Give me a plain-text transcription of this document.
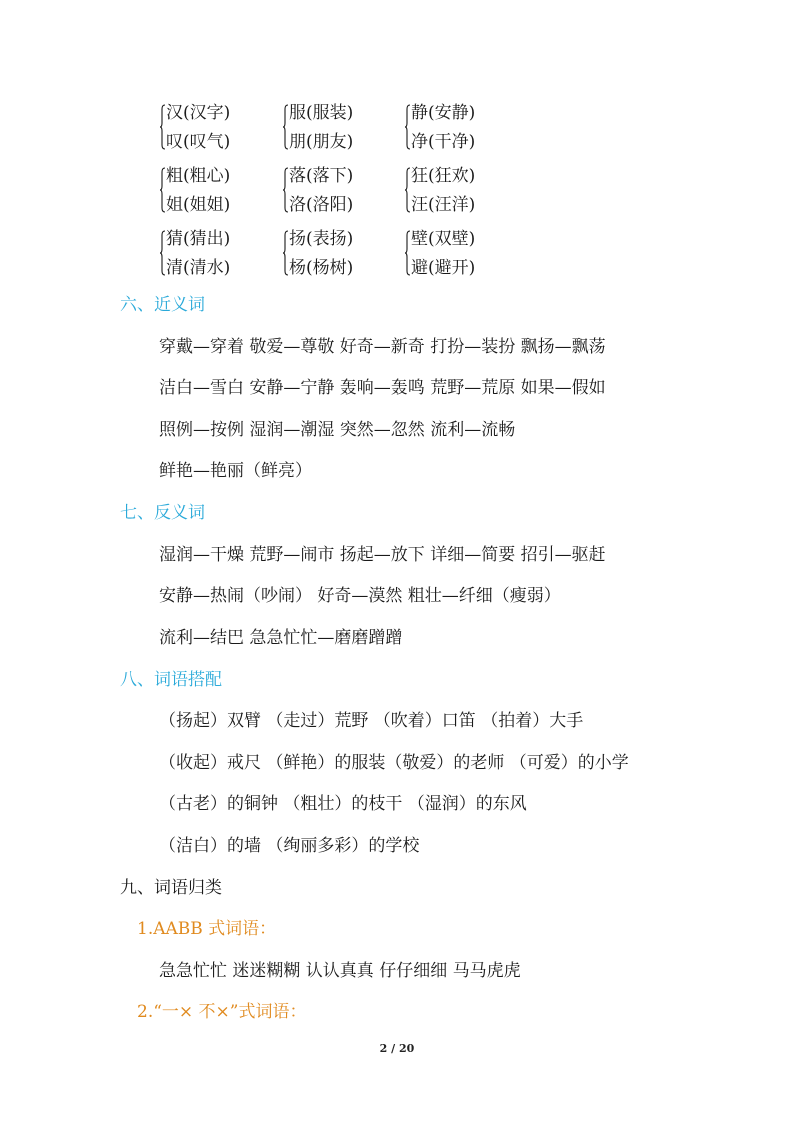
汉(汉字)
叹(叹气)
服(服装)
朋(朋友)
静(安静)
净(干净)
粗(粗心)
姐(姐姐)
落(落下)
洛(洛阳)
狂(狂欢)
汪(汪洋)
猜(猜出)
清(清水)
扬(表扬)
杨(杨树)
壁(双壁)
避(避开)
六、近义词
穿戴—穿着 敬爱—尊敬 好奇—新奇 打扮—装扮 飘扬—飘荡
洁白—雪白 安静—宁静 轰响—轰鸣 荒野—荒原 如果—假如
照例—按例 湿润—潮湿 突然—忽然 流利—流畅
鲜艳—艳丽（鲜亮）
七、反义词
湿润—干燥 荒野—闹市 扬起—放下 详细—简要 招引—驱赶
安静—热闹（吵闹） 好奇—漠然 粗壮—纤细（瘦弱）
流利—结巴 急急忙忙—磨磨蹭蹭
八、词语搭配
（扬起）双臂 （走过）荒野 （吹着）口笛 （拍着）大手
（收起）戒尺 （鲜艳）的服装（敬爱）的老师 （可爱）的小学
（古老）的铜钟 （粗壮）的枝干 （湿润）的东风
（洁白）的墙 （绚丽多彩）的学校
九、词语归类
1.AABB 式词语：
急急忙忙 迷迷糊糊 认认真真 仔仔细细 马马虎虎
2.“一× 不×”式词语：
2 / 20
